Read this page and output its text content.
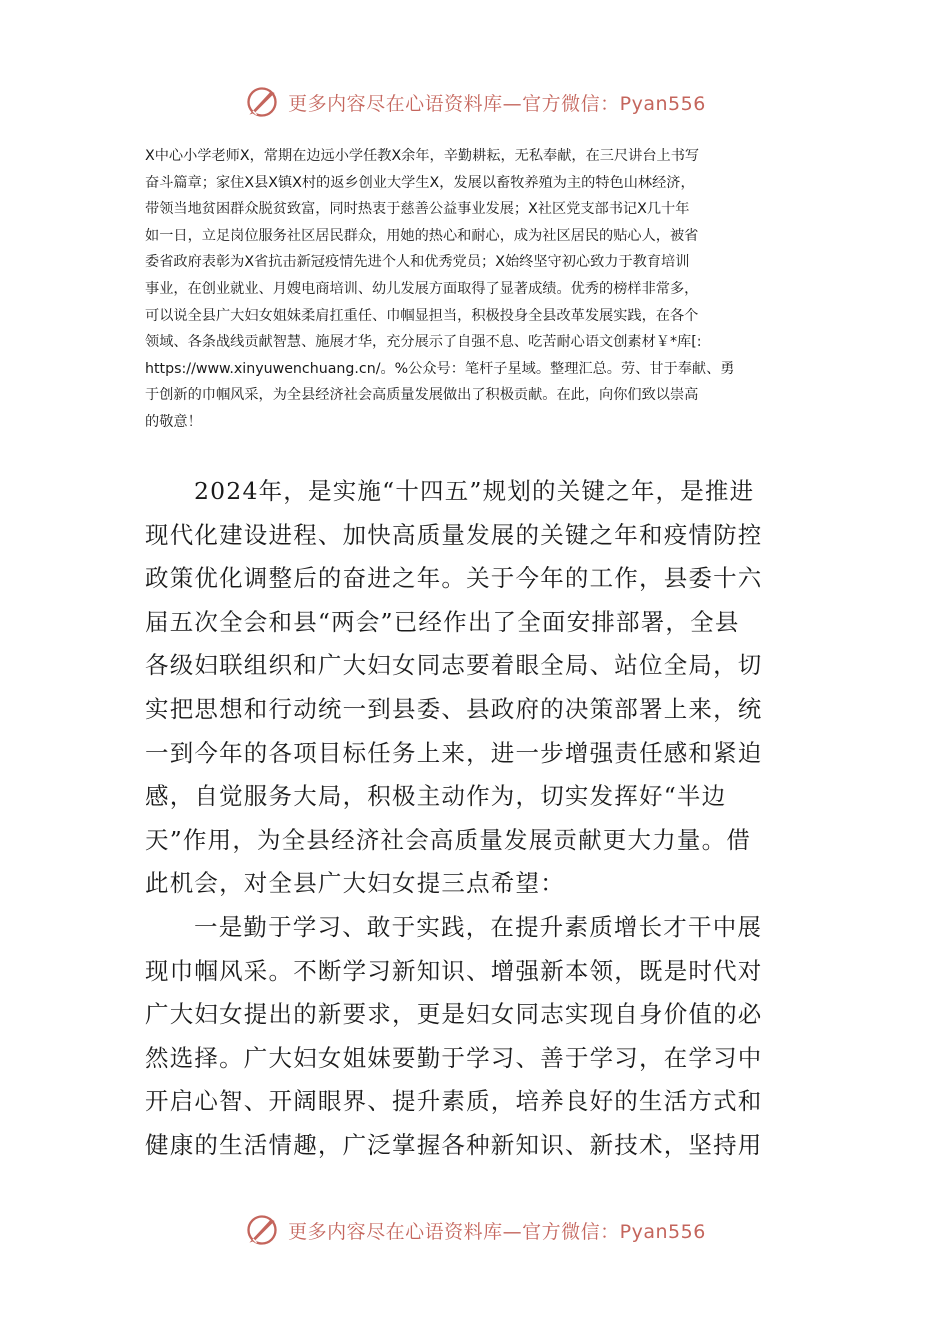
更多内容尽在心语资料库—官方微信：Pyan556
X中心小学老师X，常期在边远小学任教X余年，辛勤耕耘，无私奉献，在三尺讲台上书写
奋斗篇章；家住X县X镇X村的返乡创业大学生X，发展以畜牧养殖为主的特色山林经济，
带领当地贫困群众脱贫致富，同时热衷于慈善公益事业发展；X社区党支部书记X几十年
如一日，立足岗位服务社区居民群众，用她的热心和耐心，成为社区居民的贴心人，被省
委省政府表彰为X省抗击新冠疫情先进个人和优秀党员；X始终坚守初心致力于教育培训
事业，在创业就业、月嫂电商培训、幼儿发展方面取得了显著成绩。优秀的榜样非常多，
可以说全县广大妇女姐妹柔肩扛重任、巾帼显担当，积极投身全县改革发展实践，在各个
领域、各条战线贡献智慧、施展才华，充分展示了自强不息、吃苦耐心语文创素材￥*库[:
https://www.xinyuwenchuang.cn/。%公众号：笔杆子星域。整理汇总。劳、甘于奉献、勇
于创新的巾帼风采，为全县经济社会高质量发展做出了积极贡献。在此，向你们致以崇高
的敬意！
2024年，是实施“十四五”规划的关键之年，是推进
现代化建设进程、加快高质量发展的关键之年和疫情防控
政策优化调整后的奋进之年。关于今年的工作，县委十六
届五次全会和县“两会”已经作出了全面安排部署，全县
各级妇联组织和广大妇女同志要着眼全局、站位全局，切
实把思想和行动统一到县委、县政府的决策部署上来，统
一到今年的各项目标任务上来，进一步增强责任感和紧迫
感，自觉服务大局，积极主动作为，切实发挥好“半边
天”作用，为全县经济社会高质量发展贡献更大力量。借
此机会，对全县广大妇女提三点希望：
一是勤于学习、敢于实践，在提升素质增长才干中展
现巾帼风采。不断学习新知识、增强新本领，既是时代对
广大妇女提出的新要求，更是妇女同志实现自身价值的必
然选择。广大妇女姐妹要勤于学习、善于学习，在学习中
开启心智、开阔眼界、提升素质，培养良好的生活方式和
健康的生活情趣，广泛掌握各种新知识、新技术，坚持用
更多内容尽在心语资料库—官方微信：Pyan556
